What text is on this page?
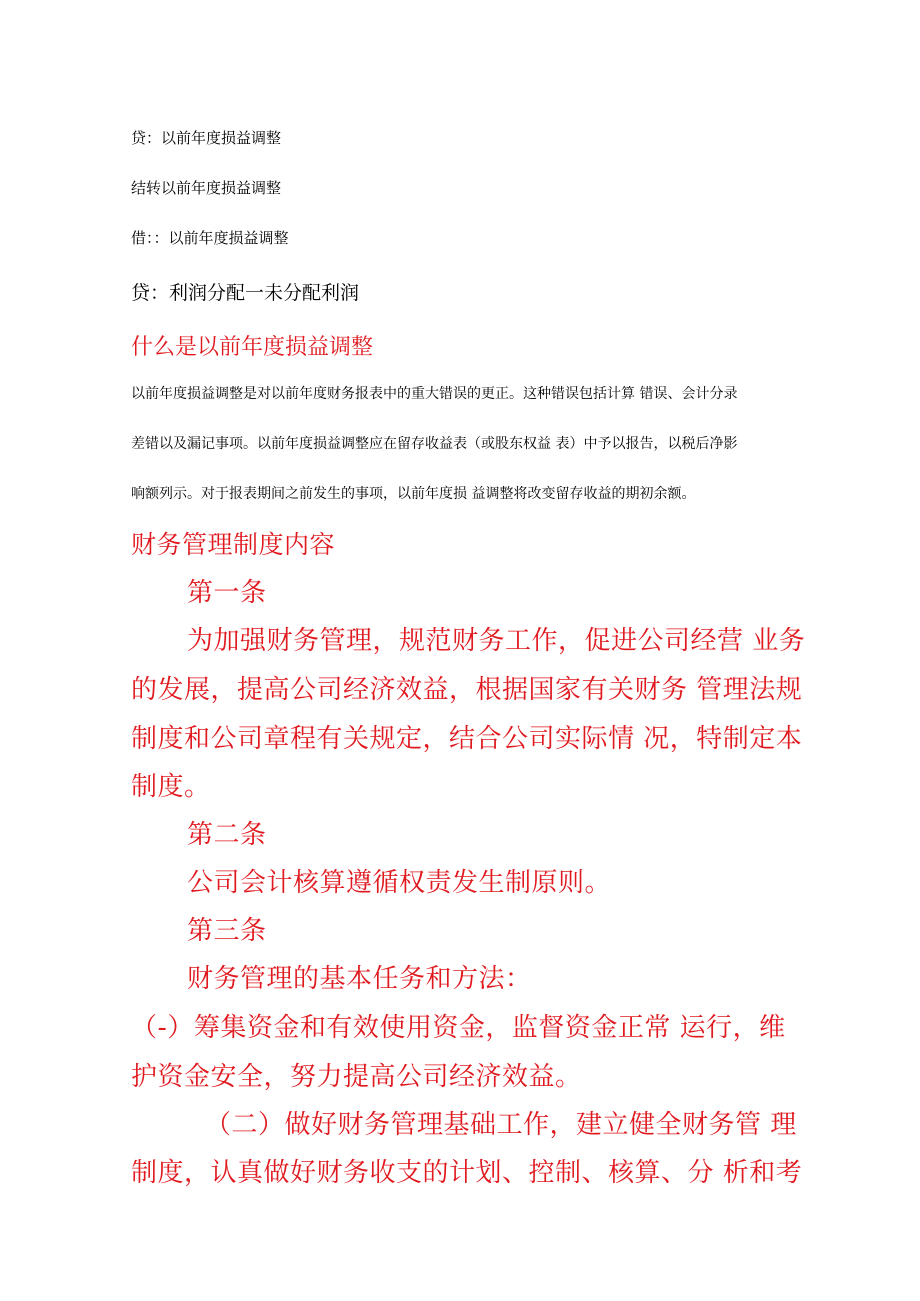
贷：以前年度损益调整

结转以前年度损益调整

借：：以前年度损益调整

贷：利润分配一未分配利润

什么是以前年度损益调整

以前年度损益调整是对以前年度财务报表中的重大错误的更正。这种错误包括计算 错误、会计分录

差错以及漏记事项。以前年度损益调整应在留存收益表（或股东权益 表）中予以报告，以税后净影

响额列示。对于报表期间之前发生的事项，以前年度损 益调整将改变留存收益的期初余额。

财务管理制度内容

第一条

为加强财务管理，规范财务工作，促进公司经营 业务

的发展，提高公司经济效益，根据国家有关财务 管理法规

制度和公司章程有关规定，结合公司实际情 况，特制定本

制度。

第二条

公司会计核算遵循权责发生制原则。

第三条

财务管理的基本任务和方法：

（-）筹集资金和有效使用资金，监督资金正常 运行，维

护资金安全，努力提高公司经济效益。

（二）做好财务管理基础工作，建立健全财务管 理

制度，认真做好财务收支的计划、控制、核算、分 析和考
